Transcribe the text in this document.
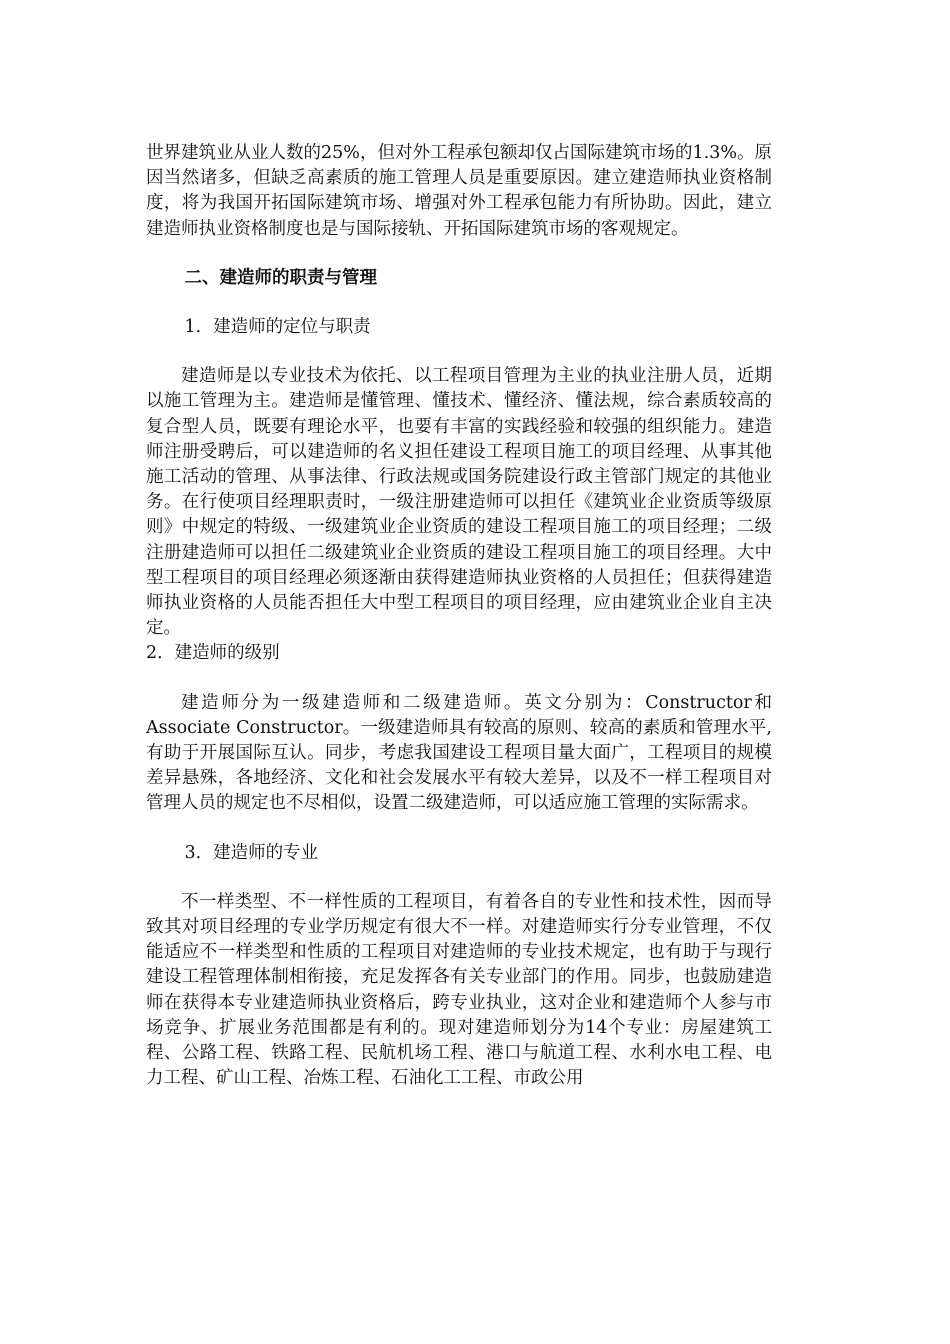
世界建筑业从业人数的25%，但对外工程承包额却仅占国际建筑市场的1.3%。原因当然诸多，但缺乏高素质的施工管理人员是重要原因。建立建造师执业资格制度，将为我国开拓国际建筑市场、增强对外工程承包能力有所协助。因此，建立建造师执业资格制度也是与国际接轨、开拓国际建筑市场的客观规定。

二、建造师的职责与管理

1．建造师的定位与职责

建造师是以专业技术为依托、以工程项目管理为主业的执业注册人员，近期以施工管理为主。建造师是懂管理、懂技术、懂经济、懂法规，综合素质较高的复合型人员，既要有理论水平，也要有丰富的实践经验和较强的组织能力。建造师注册受聘后，可以建造师的名义担任建设工程项目施工的项目经理、从事其他施工活动的管理、从事法律、行政法规或国务院建设行政主管部门规定的其他业务。在行使项目经理职责时，一级注册建造师可以担任《建筑业企业资质等级原则》中规定的特级、一级建筑业企业资质的建设工程项目施工的项目经理；二级注册建造师可以担任二级建筑业企业资质的建设工程项目施工的项目经理。大中型工程项目的项目经理必须逐渐由获得建造师执业资格的人员担任；但获得建造师执业资格的人员能否担任大中型工程项目的项目经理，应由建筑业企业自主决定。

2．建造师的级别

建造师分为一级建造师和二级建造师。英文分别为：Constructor和Associate Constructor。一级建造师具有较高的原则、较高的素质和管理水平,有助于开展国际互认。同步，考虑我国建设工程项目量大面广，工程项目的规模差异悬殊，各地经济、文化和社会发展水平有较大差异，以及不一样工程项目对管理人员的规定也不尽相似，设置二级建造师，可以适应施工管理的实际需求。

3．建造师的专业

不一样类型、不一样性质的工程项目，有着各自的专业性和技术性，因而导致其对项目经理的专业学历规定有很大不一样。对建造师实行分专业管理，不仅能适应不一样类型和性质的工程项目对建造师的专业技术规定，也有助于与现行建设工程管理体制相衔接，充足发挥各有关专业部门的作用。同步，也鼓励建造师在获得本专业建造师执业资格后，跨专业执业，这对企业和建造师个人参与市场竞争、扩展业务范围都是有利的。现对建造师划分为14个专业：房屋建筑工程、公路工程、铁路工程、民航机场工程、港口与航道工程、水利水电工程、电力工程、矿山工程、冶炼工程、石油化工工程、市政公用
